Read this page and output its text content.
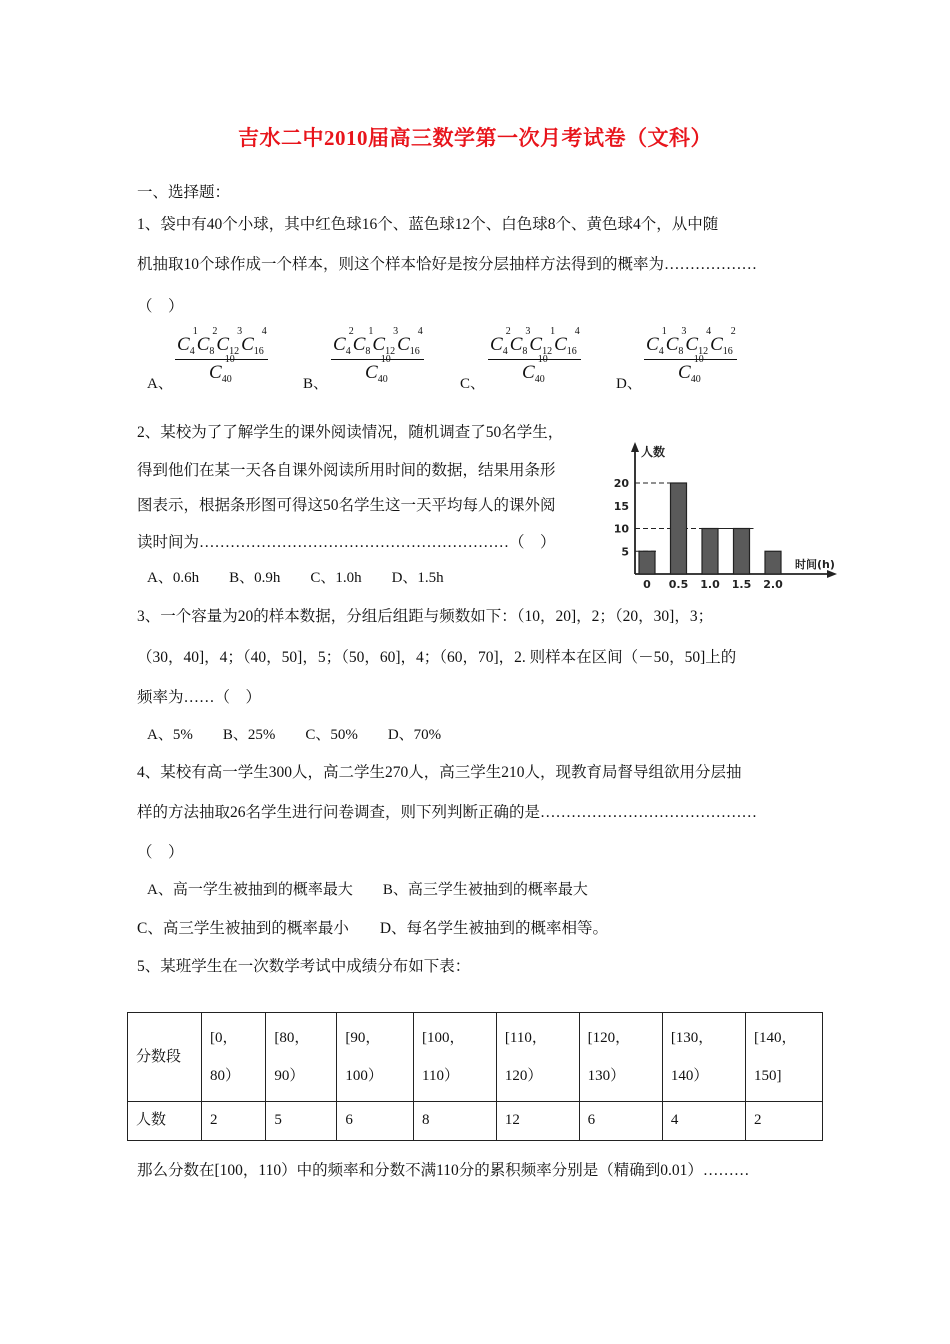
吉水二中2010届高三数学第一次月考试卷（文科）
一、选择题：
1、袋中有40个小球，其中红色球16个、蓝色球12个、白色球8个、黄色球4个，从中随
机抽取10个球作成一个样本，则这个样本恰好是按分层抽样方法得到的概率为………………
（　）
A、 $C_4$
1
$C_8$
2
$C_{12}$
3
$C_{16}$
4
$C_{40}$
10 B、 $C_4$
2
$C_8$
1
$C_{12}$
3
$C_{16}$
4
$C_{40}$
10 C、 $C_4$
2
$C_8$
3
$C_{12}$
1
$C_{16}$
4
$C_{40}$
10 D、 $C_4$
1
$C_8$
3
$C_{12}$
4
$C_{16}$
2
$C_{40}$
10
2、某校为了了解学生的课外阅读情况，随机调查了50名学生，
得到他们在某一天各自课外阅读所用时间的数据，结果用条形
图表示，根据条形图可得这50名学生这一天平均每人的课外阅
读时间为……………………………………………………（　）
A、0.6h　　B、0.9h　　C、1.0h　　D、1.5h
5
10
15
20
0 0.5 1.0 1.5 2.0
人数
时间(h)
3、一个容量为20的样本数据，分组后组距与频数如下：（10，20]，2；（20，30]，3；
（30，40]，4；（40，50]，5；（50，60]，4；（60，70]，2. 则样本在区间（－50，50]上的
频率为……（　）
A、5%　　B、25%　　C、50%　　D、70%
4、某校有高一学生300人，高二学生270人，高三学生210人，现教育局督导组欲用分层抽
样的方法抽取26名学生进行问卷调查，则下列判断正确的是……………………………………
（　）
A、高一学生被抽到的概率最大　　B、高三学生被抽到的概率最大
C、高三学生被抽到的概率最小　　D、每名学生被抽到的概率相等。
5、某班学生在一次数学考试中成绩分布如下表：
分数段	[0，80）	[80，90）	[90，100）	[100，110）	[110，120）	[120，130）	[130，140）	[140，150]
人数	2	5	6	8	12	6	4	2
那么分数在[100，110）中的频率和分数不满110分的累积频率分别是（精确到0.01）………
